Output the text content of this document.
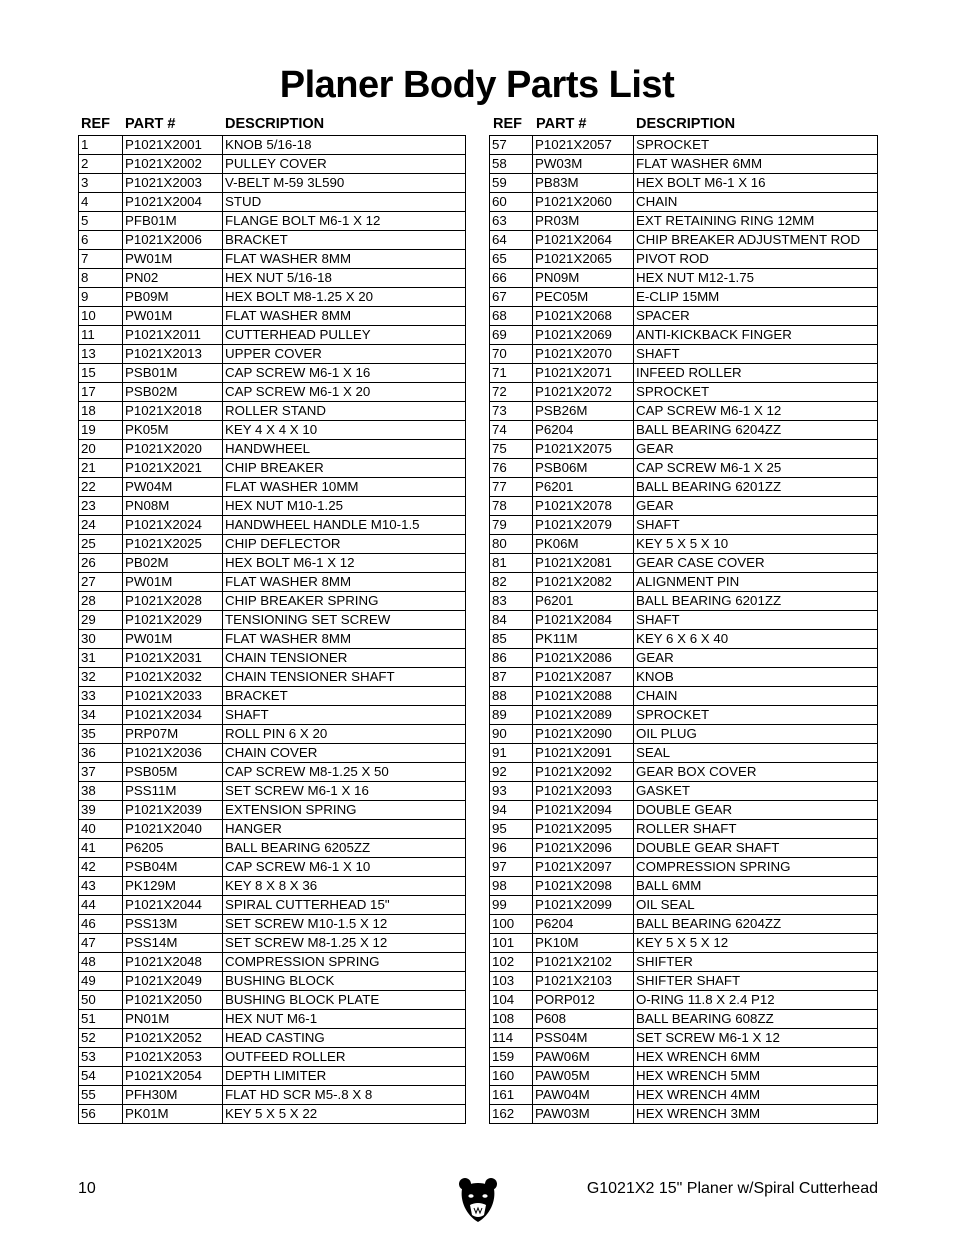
Planer Body Parts List
REF PART #	DESCRIPTION	REF PART #	DESCRIPTION
1	P1021X2001	KNOB 5/16-18
2	P1021X2002	PULLEY COVER
3	P1021X2003	V-BELT M-59 3L590
4	P1021X2004	STUD
5	PFB01M	FLANGE BOLT M6-1 X 12
6	P1021X2006	BRACKET
7	PW01M	FLAT WASHER 8MM
8	PN02	HEX NUT 5/16-18
9	PB09M	HEX BOLT M8-1.25 X 20
10	PW01M	FLAT WASHER 8MM
11	P1021X2011	CUTTERHEAD PULLEY
13	P1021X2013	UPPER COVER
15	PSB01M	CAP SCREW M6-1 X 16
17	PSB02M	CAP SCREW M6-1 X 20
18	P1021X2018	ROLLER STAND
19	PK05M	KEY 4 X 4 X 10
20	P1021X2020	HANDWHEEL
21	P1021X2021	CHIP BREAKER
22	PW04M	FLAT WASHER 10MM
23	PN08M	HEX NUT M10-1.25
24	P1021X2024	HANDWHEEL HANDLE M10-1.5
25	P1021X2025	CHIP DEFLECTOR
26	PB02M	HEX BOLT M6-1 X 12
27	PW01M	FLAT WASHER 8MM
28	P1021X2028	CHIP BREAKER SPRING
29	P1021X2029	TENSIONING SET SCREW
30	PW01M	FLAT WASHER 8MM
31	P1021X2031	CHAIN TENSIONER
32	P1021X2032	CHAIN TENSIONER SHAFT
33	P1021X2033	BRACKET
34	P1021X2034	SHAFT
35	PRP07M	ROLL PIN 6 X 20
36	P1021X2036	CHAIN COVER
37	PSB05M	CAP SCREW M8-1.25 X 50
38	PSS11M	SET SCREW M6-1 X 16
39	P1021X2039	EXTENSION SPRING
40	P1021X2040	HANGER
41	P6205	BALL BEARING 6205ZZ
42	PSB04M	CAP SCREW M6-1 X 10
43	PK129M	KEY 8 X 8 X 36
44	P1021X2044	SPIRAL CUTTERHEAD 15"
46	PSS13M	SET SCREW M10-1.5 X 12
47	PSS14M	SET SCREW M8-1.25 X 12
48	P1021X2048	COMPRESSION SPRING
49	P1021X2049	BUSHING BLOCK
50	P1021X2050	BUSHING BLOCK PLATE
51	PN01M	HEX NUT M6-1
52	P1021X2052	HEAD CASTING
53	P1021X2053	OUTFEED ROLLER
54	P1021X2054	DEPTH LIMITER
55	PFH30M	FLAT HD SCR M5-.8 X 8
56	PK01M	KEY 5 X 5 X 22
57	P1021X2057	SPROCKET
58	PW03M	FLAT WASHER 6MM
59	PB83M	HEX BOLT M6-1 X 16
60	P1021X2060	CHAIN
63	PR03M	EXT RETAINING RING 12MM
64	P1021X2064	CHIP BREAKER ADJUSTMENT ROD
65	P1021X2065	PIVOT ROD
66	PN09M	HEX NUT M12-1.75
67	PEC05M	E-CLIP 15MM
68	P1021X2068	SPACER
69	P1021X2069	ANTI-KICKBACK FINGER
70	P1021X2070	SHAFT
71	P1021X2071	INFEED ROLLER
72	P1021X2072	SPROCKET
73	PSB26M	CAP SCREW M6-1 X 12
74	P6204	BALL BEARING 6204ZZ
75	P1021X2075	GEAR
76	PSB06M	CAP SCREW M6-1 X 25
77	P6201	BALL BEARING 6201ZZ
78	P1021X2078	GEAR
79	P1021X2079	SHAFT
80	PK06M	KEY 5 X 5 X 10
81	P1021X2081	GEAR CASE COVER
82	P1021X2082	ALIGNMENT PIN
83	P6201	BALL BEARING 6201ZZ
84	P1021X2084	SHAFT
85	PK11M	KEY 6 X 6 X 40
86	P1021X2086	GEAR
87	P1021X2087	KNOB
88	P1021X2088	CHAIN
89	P1021X2089	SPROCKET
90	P1021X2090	OIL PLUG
91	P1021X2091	SEAL
92	P1021X2092	GEAR BOX COVER
93	P1021X2093	GASKET
94	P1021X2094	DOUBLE GEAR
95	P1021X2095	ROLLER SHAFT
96	P1021X2096	DOUBLE GEAR SHAFT
97	P1021X2097	COMPRESSION SPRING
98	P1021X2098	BALL 6MM
99	P1021X2099	OIL SEAL
100	P6204	BALL BEARING 6204ZZ
101	PK10M	KEY 5 X 5 X 12
102	P1021X2102	SHIFTER
103	P1021X2103	SHIFTER SHAFT
104	PORP012	O-RING 11.8 X 2.4 P12
108	P608	BALL BEARING 608ZZ
114	PSS04M	SET SCREW M6-1 X 12
159	PAW06M	HEX WRENCH 6MM
160	PAW05M	HEX WRENCH 5MM
161	PAW04M	HEX WRENCH 4MM
162	PAW03M	HEX WRENCH 3MM
10	G1021X2 15" Planer w/Spiral Cutterhead
